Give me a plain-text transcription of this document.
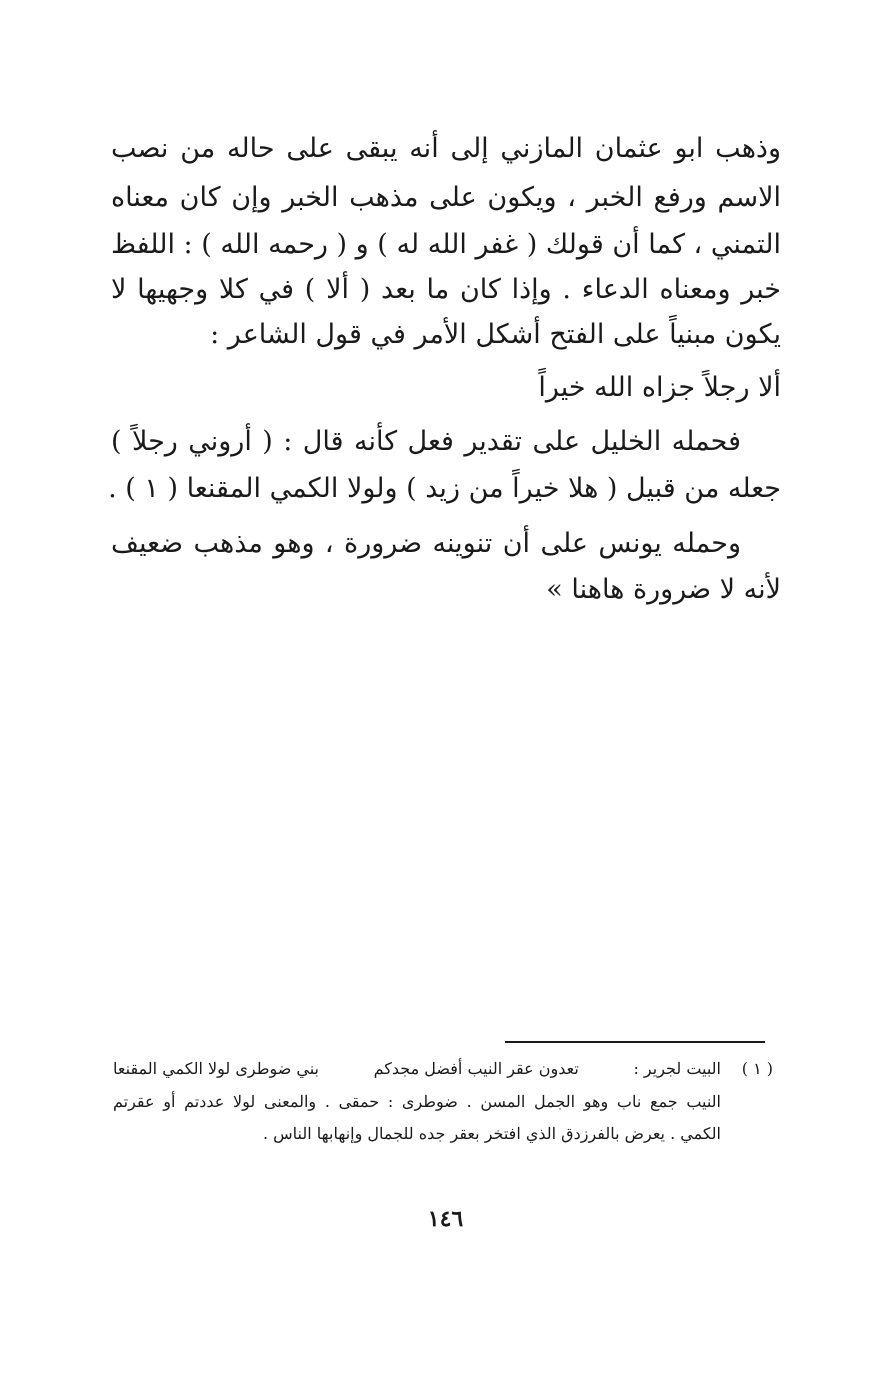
وذهب ابو عثمان المازني إلى أنه يبقى على حاله من نصب
الاسم ورفع الخبر ، ويكون على مذهب الخبر وإن كان معناه
التمني ، كما أن قولك ( غفر الله له ) و ( رحمه الله ) : اللفظ
خبر ومعناه الدعاء . وإذا كان ما بعد ( ألا ) في كلا وجهيها لا
يكون مبنياً على الفتح أشكل الأمر في قول الشاعر :
ألا رجلاً جزاه الله خيراً
فحمله الخليل على تقدير فعل كأنه قال : ( أروني رجلاً )
جعله من قبيل ( هلا خيراً من زيد ) ولولا الكمي المقنعا ( ١ ) .
وحمله يونس على أن تنوينه ضرورة ، وهو مذهب ضعيف
لأنه لا ضرورة هاهنا »
( ١ )
البيت لجرير :
تعدون عقر النيب أفضل مجدكم
بني ضوطرى لولا الكمي المقنعا
النيب جمع ناب وهو الجمل المسن . ضوطرى : حمقى . والمعنى لولا عددتم أو عقرتم
الكمي . يعرض بالفرزدق الذي افتخر بعقر جده للجمال وإنهابها الناس .
١٤٦
